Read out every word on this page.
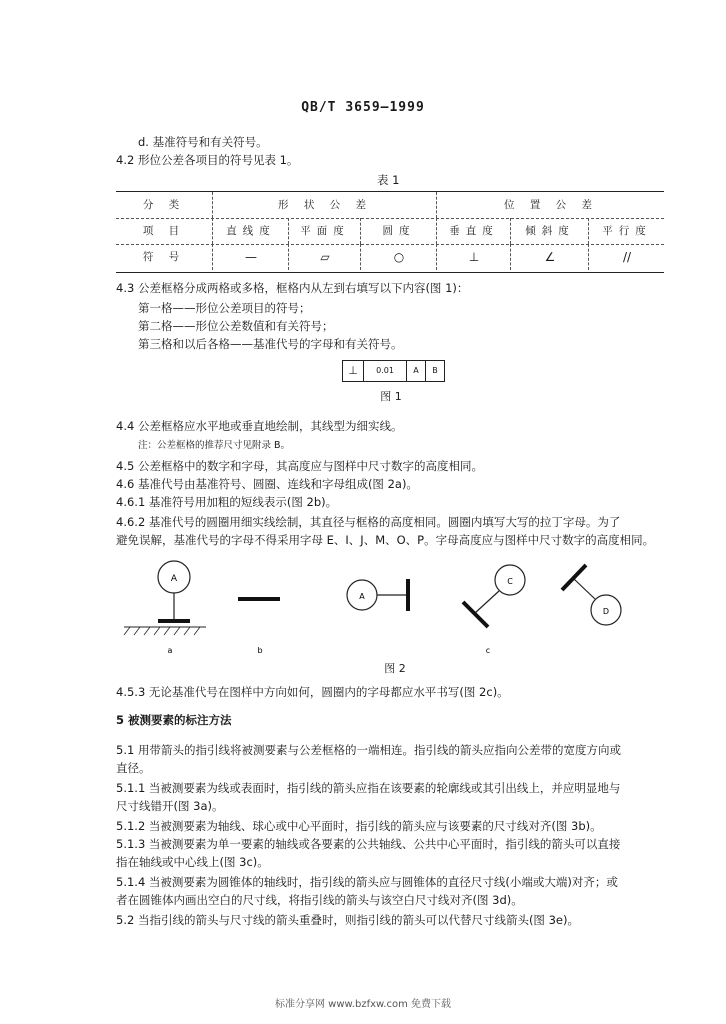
QB/T 3659—1999
d. 基准符号和有关符号。
4.2 形位公差各项目的符号见表 1。
表 1
分 类	形 状 公 差	位 置 公 差
项 目	直线度	平面度	圆度	垂直度	倾斜度	平行度
符 号	—	▱	○	⊥	∠	//
4.3 公差框格分成两格或多格，框格内从左到右填写以下内容(图 1)：
第一格——形位公差项目的符号；
第二格——形位公差数值和有关符号；
第三格和以后各格——基准代号的字母和有关符号。
⊥	0.01	A	B
图 1
4.4 公差框格应水平地或垂直地绘制，其线型为细实线。
注：公差框格的推荐尺寸见附录 B。
4.5 公差框格中的数字和字母，其高度应与图样中尺寸数字的高度相同。
4.6 基准代号由基准符号、圆圈、连线和字母组成(图 2a)。
4.6.1 基准符号用加粗的短线表示(图 2b)。
4.6.2 基准代号的圆圈用细实线绘制，其直径与框格的高度相同。圆圈内填写大写的拉丁字母。为了
避免误解，基准代号的字母不得采用字母 E、I、J、M、O、P。字母高度应与图样中尺寸数字的高度相同。
A
a	b
A
C
D
c
图 2
4.5.3 无论基准代号在图样中方向如何，圆圈内的字母都应水平书写(图 2c)。
5 被测要素的标注方法
5.1 用带箭头的指引线将被测要素与公差框格的一端相连。指引线的箭头应指向公差带的宽度方向或
直径。
5.1.1 当被测要素为线或表面时，指引线的箭头应指在该要素的轮廓线或其引出线上，并应明显地与
尺寸线错开(图 3a)。
5.1.2 当被测要素为轴线、球心或中心平面时，指引线的箭头应与该要素的尺寸线对齐(图 3b)。
5.1.3 当被测要素为单一要素的轴线或各要素的公共轴线、公共中心平面时，指引线的箭头可以直接
指在轴线或中心线上(图 3c)。
5.1.4 当被测要素为圆锥体的轴线时，指引线的箭头应与圆锥体的直径尺寸线(小端或大端)对齐；或
者在圆锥体内画出空白的尺寸线，将指引线的箭头与该空白尺寸线对齐(图 3d)。
5.2 当指引线的箭头与尺寸线的箭头重叠时，则指引线的箭头可以代替尺寸线箭头(图 3e)。
标准分享网 www.bzfxw.com 免费下载
